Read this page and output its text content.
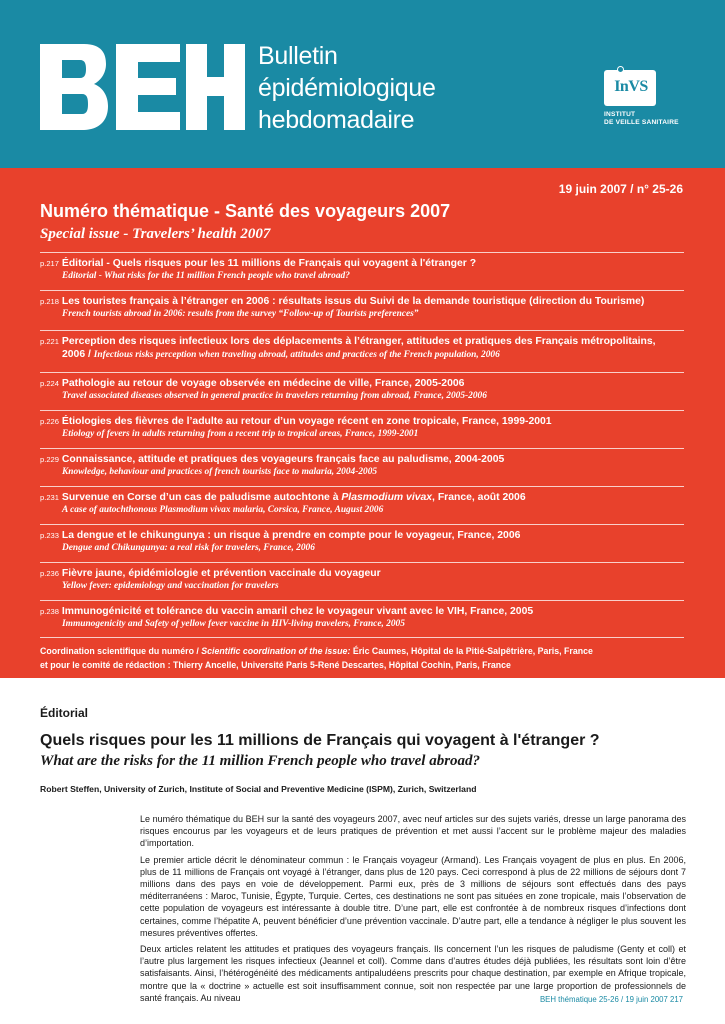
Bulletin
épidémiologique
hebdomadaire
InVS
INSTITUT
DE VEILLE SANITAIRE
19 juin 2007 / n° 25-26
Numéro thématique - Santé des voyageurs 2007
Special issue - Travelers’ health 2007
p.217 Éditorial - Quels risques pour les 11 millions de Français qui voyagent à l'étranger ?
Editorial - What risks for the 11 million French people who travel abroad?
p.218 Les touristes français à l’étranger en 2006 : résultats issus du Suivi de la demande touristique (direction du Tourisme)
French tourists abroad in 2006: results from the survey “Follow-up of Tourists preferences”
p.221 Perception des risques infectieux lors des déplacements à l’étranger, attitudes et pratiques des Français métropolitains,
2006 / Infectious risks perception when traveling abroad, attitudes and practices of the French population, 2006
p.224 Pathologie au retour de voyage observée en médecine de ville, France, 2005-2006
Travel associated diseases observed in general practice in travelers returning from abroad, France, 2005-2006
p.226 Étiologies des fièvres de l’adulte au retour d’un voyage récent en zone tropicale, France, 1999-2001
Etiology of fevers in adults returning from a recent trip to tropical areas, France, 1999-2001
p.229 Connaissance, attitude et pratiques des voyageurs français face au paludisme, 2004-2005
Knowledge, behaviour and practices of french tourists face to malaria, 2004-2005
p.231 Survenue en Corse d’un cas de paludisme autochtone à Plasmodium vivax, France, août 2006
A case of autochthonous Plasmodium vivax malaria, Corsica, France, August 2006
p.233 La dengue et le chikungunya : un risque à prendre en compte pour le voyageur, France, 2006
Dengue and Chikungunya: a real risk for travelers, France, 2006
p.236 Fièvre jaune, épidémiologie et prévention vaccinale du voyageur
Yellow fever: epidemiology and vaccination for travelers
p.238 Immunogénicité et tolérance du vaccin amaril chez le voyageur vivant avec le VIH, France, 2005
Immunogenicity and Safety of yellow fever vaccine in HIV-living travelers, France, 2005
Coordination scientifique du numéro / Scientific coordination of the issue: Éric Caumes, Hôpital de la Pitié-Salpêtrière, Paris, France
et pour le comité de rédaction : Thierry Ancelle, Université Paris 5-René Descartes, Hôpital Cochin, Paris, France
Éditorial
Quels risques pour les 11 millions de Français qui voyagent à l'étranger ?
What are the risks for the 11 million French people who travel abroad?
Robert Steffen, University of Zurich, Institute of Social and Preventive Medicine (ISPM), Zurich, Switzerland

Le numéro thématique du BEH sur la santé des voyageurs 2007, avec neuf articles sur des sujets variés, dresse un large panorama des risques encourus par les voyageurs et de leurs pratiques de prévention et met aussi l’accent sur le problème majeur des maladies d’importation.

Le premier article décrit le dénominateur commun : le Français voyageur (Armand). Les Français voyagent de plus en plus. En 2006, plus de 11 millions de Français ont voyagé à l’étranger, dans plus de 120 pays. Ceci correspond à plus de 22 millions de séjours dont 7 millions dans des pays en voie de développement. Parmi eux, près de 3 millions de séjours sont effectués dans des pays méditerranéens : Maroc, Tunisie, Égypte, Turquie. Certes, ces destinations ne sont pas situées en zone tropicale, mais l’observation de cette population de voyageurs est intéressante à double titre. D’une part, elle est confrontée à de nombreux risques d’infections dont certaines, comme l’hépatite A, peuvent bénéficier d’une prévention vaccinale. D’autre part, elle a tendance à négliger le plus souvent les mesures préventives offertes.

Deux articles relatent les attitudes et pratiques des voyageurs français. Ils concernent l’un les risques de paludisme (Genty et coll) et l’autre plus largement les risques infectieux (Jeannel et coll). Comme dans d’autres études déjà publiées, les résultats sont loin d’être satisfaisants. Ainsi, l’hétérogénéité des médicaments antipaludéens prescrits pour chaque destination, par exemple en Afrique tropicale, montre que la « doctrine » actuelle est soit insuffisamment connue, soit non respectée par une large proportion de professionnels de santé français. Au niveau	BEH thématique 25-26 / 19 juin 2007 217
